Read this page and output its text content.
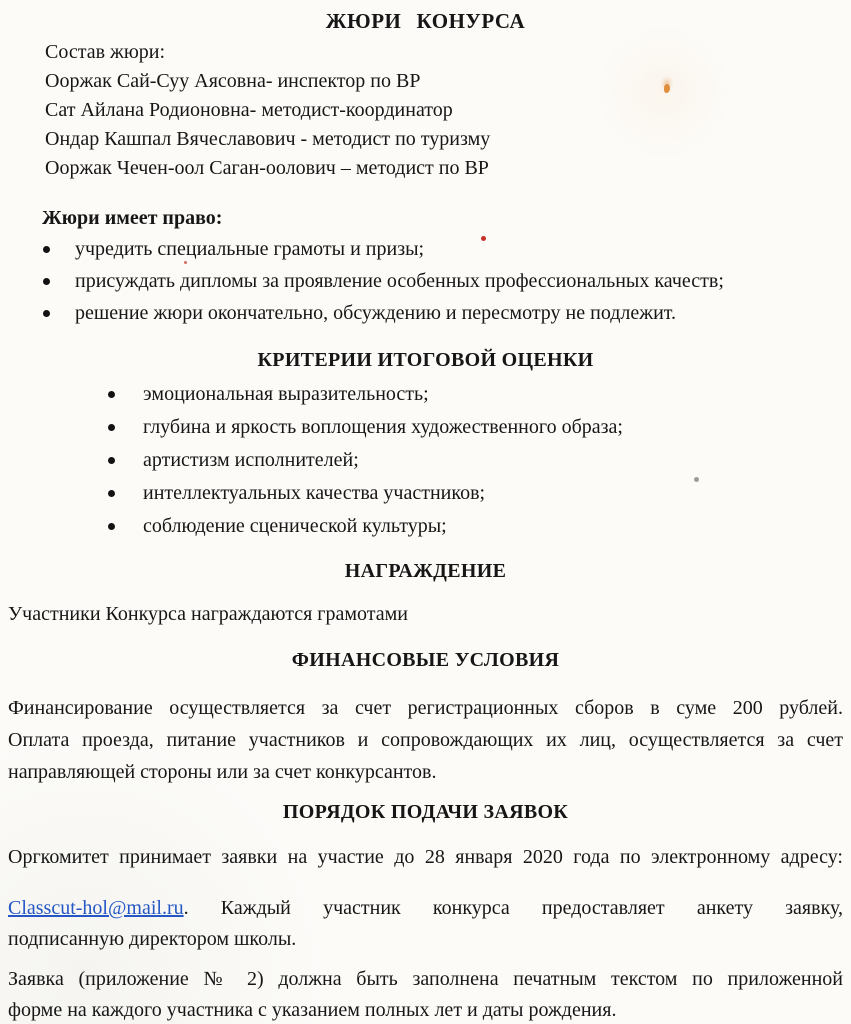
ЖЮРИ КОНУРСА
Состав жюри:
Ооржак Сай-Суу Аясовна- инспектор по ВР
Сат Айлана Родионовна- методист-координатор
Ондар Кашпал Вячеславович - методист по туризму
Ооржак Чечен-оол Саган-оолович – методист по ВР
Жюри имеет право:
учредить специальные грамоты и призы;
присуждать дипломы за проявление особенных профессиональных качеств;
решение жюри окончательно, обсуждению и пересмотру не подлежит.
КРИТЕРИИ ИТОГОВОЙ ОЦЕНКИ
эмоциональная выразительность;
глубина и яркость воплощения художественного образа;
артистизм исполнителей;
интеллектуальных качества участников;
соблюдение сценической культуры;
НАГРАЖДЕНИЕ
Участники Конкурса награждаются грамотами
ФИНАНСОВЫЕ УСЛОВИЯ
Финансирование осуществляется за счет регистрационных сборов в суме 200 рублей.
Оплата проезда, питание участников и сопровождающих их лиц, осуществляется за счет
направляющей стороны или за счет конкурсантов.
ПОРЯДОК ПОДАЧИ ЗАЯВОК
Оргкомитет принимает заявки на участие до 28 января 2020 года по электронному адресу:
Classcut-hol@mail.ru. Каждый участник конкурса предоставляет анкету заявку,
подписанную директором школы.
Заявка (приложение № 2) должна быть заполнена печатным текстом по приложенной
форме на каждого участника с указанием полных лет и даты рождения.
